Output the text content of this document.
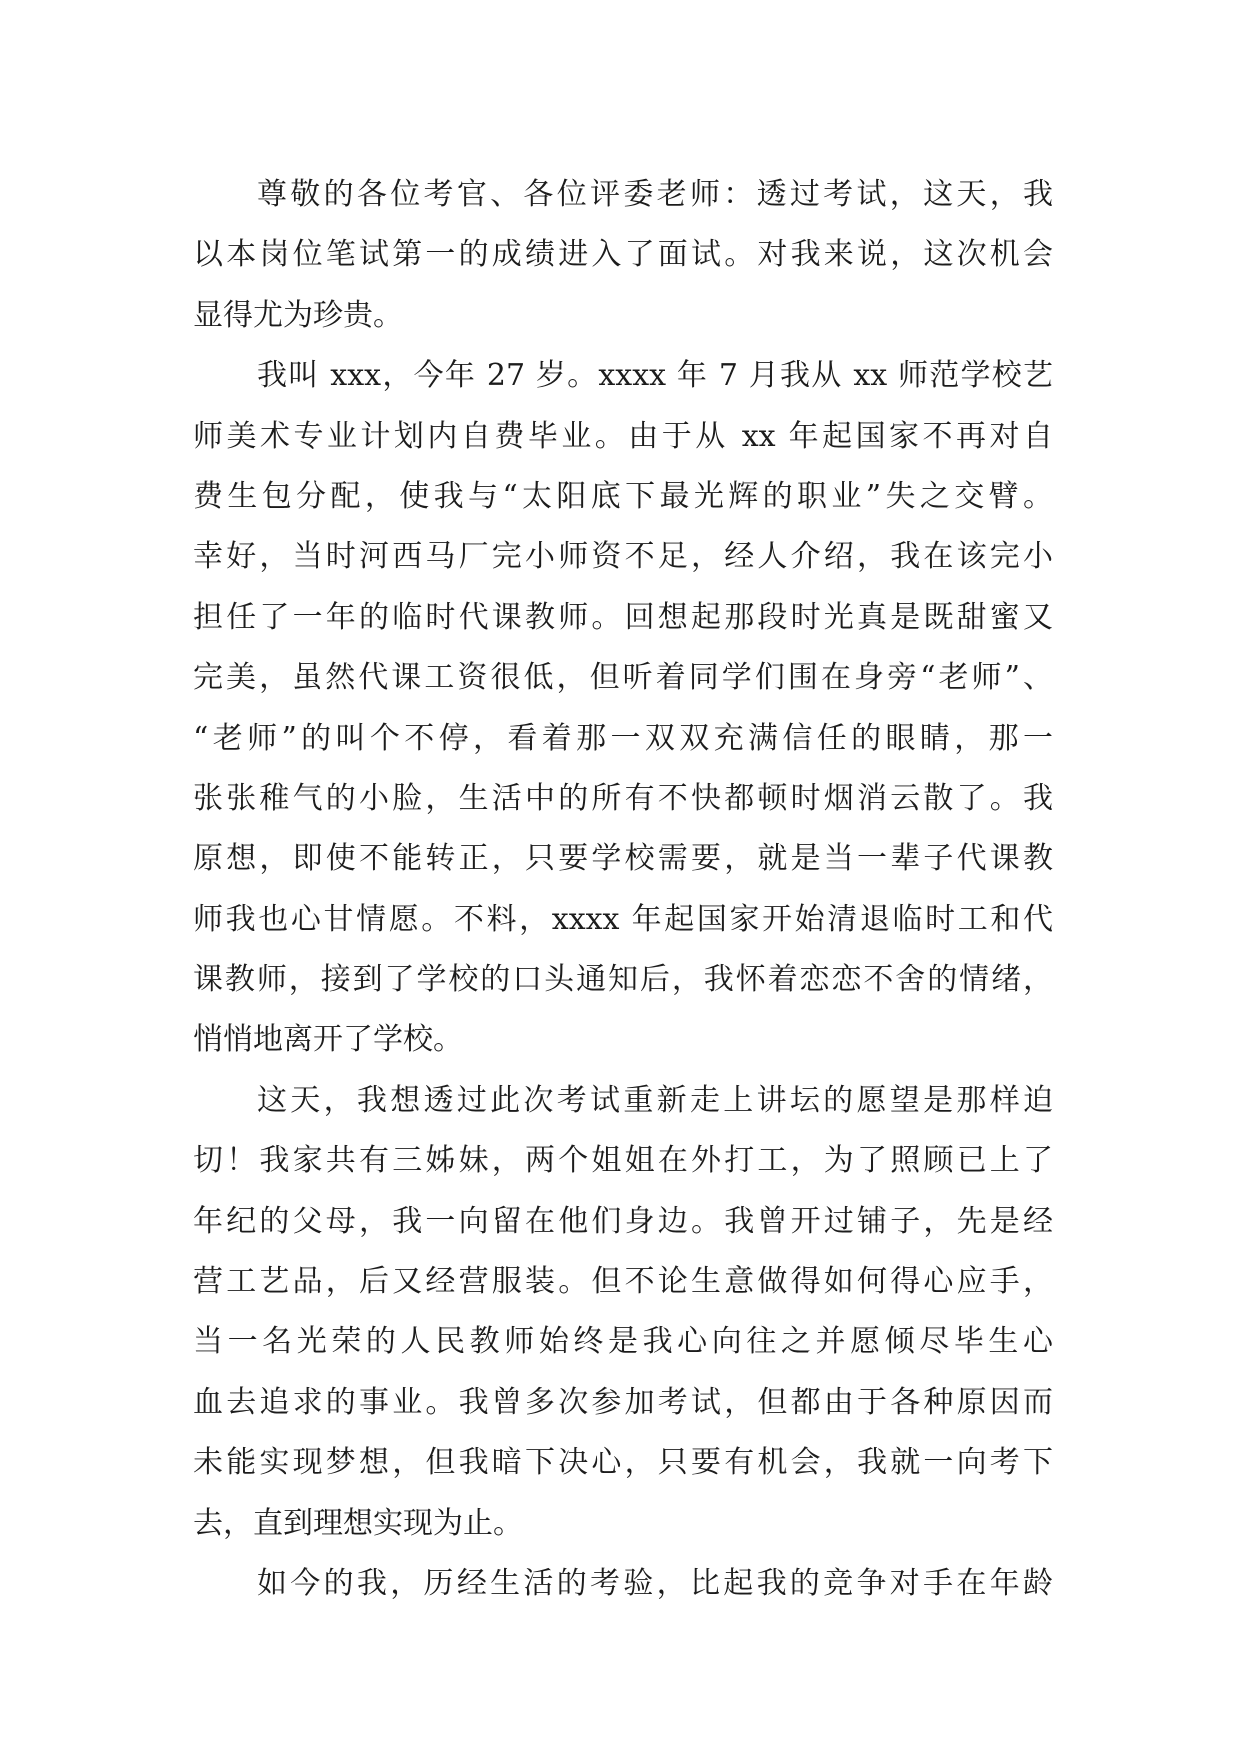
尊敬的各位考官、各位评委老师：透过考试，这天，我
以本岗位笔试第一的成绩进入了面试。对我来说，这次机会
显得尤为珍贵。
我叫 xxx，今年 27 岁。xxxx 年 7 月我从 xx 师范学校艺
师美术专业计划内自费毕业。由于从 xx 年起国家不再对自
费生包分配，使我与“太阳底下最光辉的职业”失之交臂。
幸好，当时河西马厂完小师资不足，经人介绍，我在该完小
担任了一年的临时代课教师。回想起那段时光真是既甜蜜又
完美，虽然代课工资很低，但听着同学们围在身旁“老师”、
“老师”的叫个不停，看着那一双双充满信任的眼睛，那一
张张稚气的小脸，生活中的所有不快都顿时烟消云散了。我
原想，即使不能转正，只要学校需要，就是当一辈子代课教
师我也心甘情愿。不料，xxxx 年起国家开始清退临时工和代
课教师，接到了学校的口头通知后，我怀着恋恋不舍的情绪，
悄悄地离开了学校。
这天，我想透过此次考试重新走上讲坛的愿望是那样迫
切！我家共有三姊妹，两个姐姐在外打工，为了照顾已上了
年纪的父母，我一向留在他们身边。我曾开过铺子，先是经
营工艺品，后又经营服装。但不论生意做得如何得心应手，
当一名光荣的人民教师始终是我心向往之并愿倾尽毕生心
血去追求的事业。我曾多次参加考试，但都由于各种原因而
未能实现梦想，但我暗下决心，只要有机会，我就一向考下
去，直到理想实现为止。
如今的我，历经生活的考验，比起我的竞争对手在年龄
